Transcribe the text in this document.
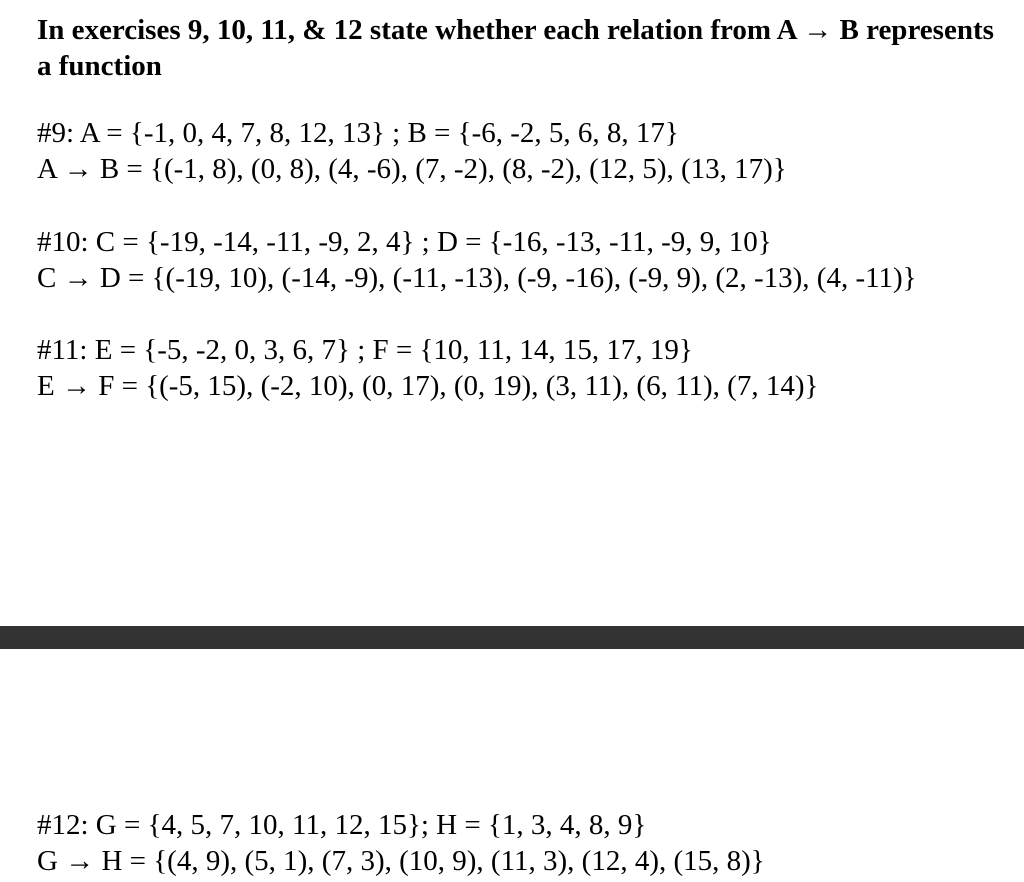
In exercises 9, 10, 11, & 12 state whether each relation from A → B represents a function

#9: A = {-1, 0, 4, 7, 8, 12, 13} ; B = {-6, -2, 5, 6, 8, 17}

A → B = {(-1, 8), (0, 8), (4, -6), (7, -2), (8, -2), (12, 5), (13, 17)}

#10: C = {-19, -14, -11, -9, 2, 4} ; D = {-16, -13, -11, -9, 9, 10}

C → D = {(-19, 10), (-14, -9), (-11, -13), (-9, -16), (-9, 9), (2, -13), (4, -11)}

#11: E = {-5, -2, 0, 3, 6, 7} ; F = {10, 11, 14, 15, 17, 19}

E → F = {(-5, 15), (-2, 10), (0, 17), (0, 19), (3, 11), (6, 11), (7, 14)}

#12: G = {4, 5, 7, 10, 11, 12, 15}; H = {1, 3, 4, 8, 9}

G → H = {(4, 9), (5, 1), (7, 3), (10, 9), (11, 3), (12, 4), (15, 8)}
